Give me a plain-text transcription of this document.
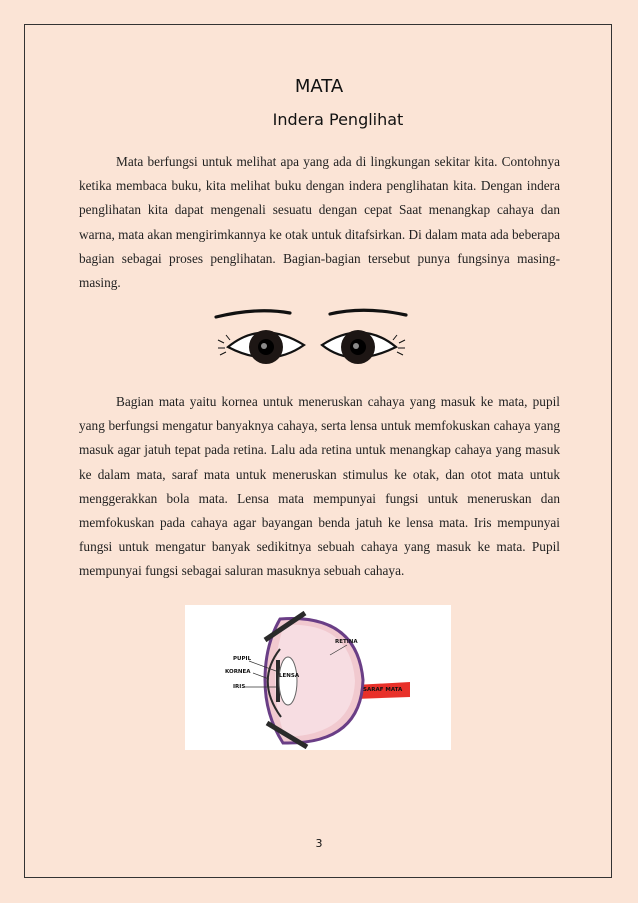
MATA
Indera Penglihat

Mata berfungsi untuk melihat apa yang ada di lingkungan sekitar kita. Contohnya ketika membaca buku, kita melihat buku dengan indera penglihatan kita. Dengan indera penglihatan kita dapat mengenali sesuatu dengan cepat Saat menangkap cahaya dan warna, mata akan mengirimkannya ke otak untuk ditafsirkan. Di dalam mata ada beberapa bagian sebagai proses penglihatan. Bagian-bagian tersebut punya fungsinya masing-masing.

Bagian mata yaitu kornea untuk meneruskan cahaya yang masuk ke mata, pupil yang berfungsi mengatur banyaknya cahaya, serta lensa untuk memfokuskan cahaya yang masuk agar jatuh tepat pada retina. Lalu ada retina untuk menangkap cahaya yang masuk ke dalam mata, saraf mata untuk meneruskan stimulus ke otak, dan otot mata untuk menggerakkan bola mata. Lensa mata mempunyai fungsi untuk meneruskan dan memfokuskan pada cahaya agar bayangan benda jatuh ke lensa mata. Iris mempunyai fungsi untuk mengatur banyak sedikitnya sebuah cahaya yang masuk ke mata. Pupil mempunyai fungsi sebagai saluran masuknya sebuah cahaya.

RETINA
PUPIL
KORNEA
IRIS
LENSA
SARAF MATA
3
